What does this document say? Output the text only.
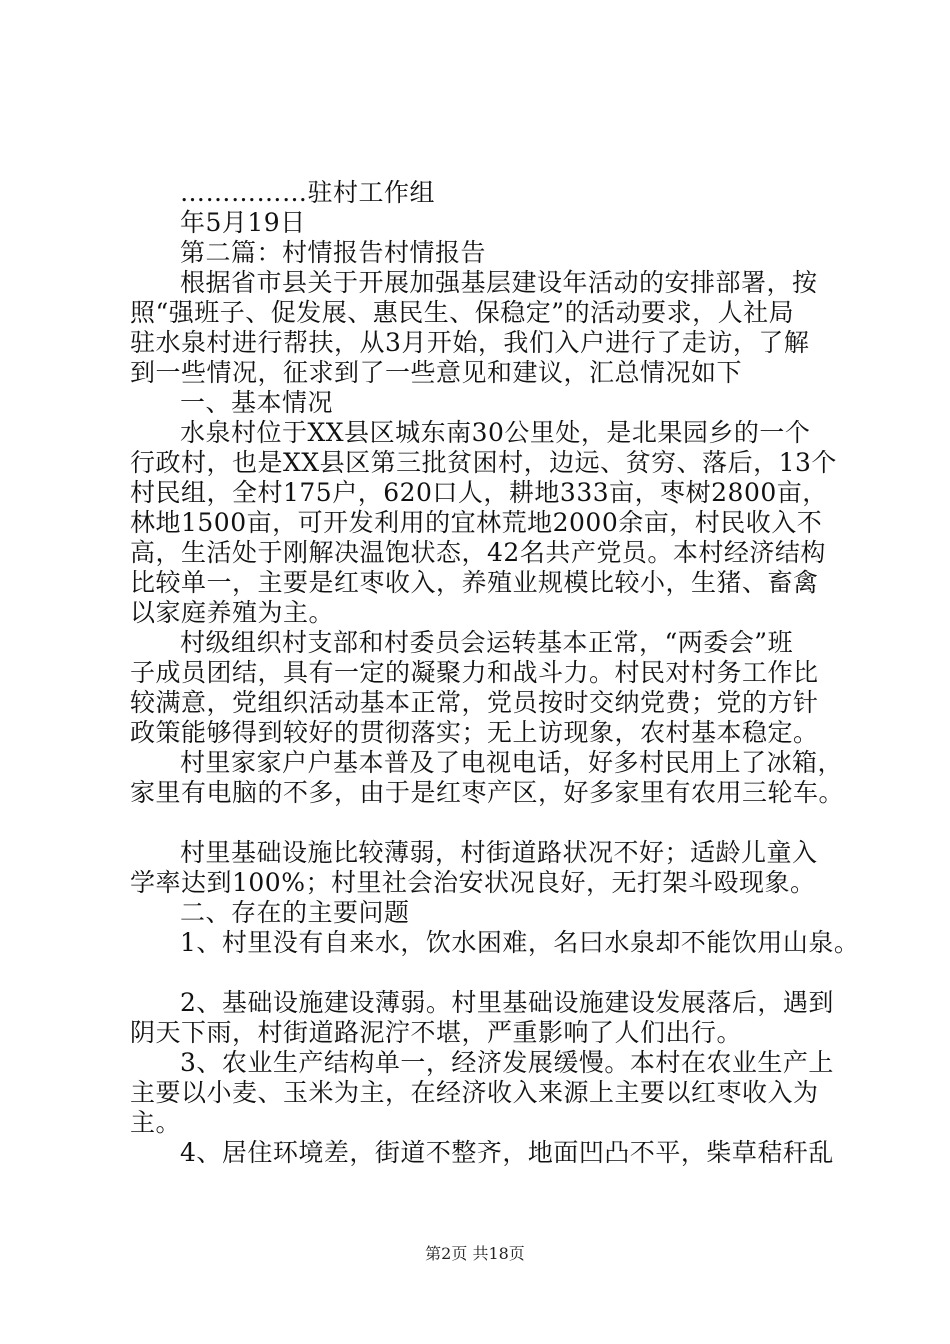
……………驻村工作组
年5月19日
第二篇：村情报告村情报告
根据省市县关于开展加强基层建设年活动的安排部署，按
照“强班子、促发展、惠民生、保稳定”的活动要求，人社局
驻水泉村进行帮扶，从3月开始，我们入户进行了走访，了解
到一些情况，征求到了一些意见和建议，汇总情况如下
一、基本情况
水泉村位于XX县区城东南30公里处，是北果园乡的一个
行政村，也是XX县区第三批贫困村，边远、贫穷、落后，13个
村民组，全村175户，620口人，耕地333亩，枣树2800亩，
林地1500亩，可开发利用的宜林荒地2000余亩，村民收入不
高，生活处于刚解决温饱状态，42名共产党员。本村经济结构
比较单一，主要是红枣收入，养殖业规模比较小，生猪、畜禽
以家庭养殖为主。
村级组织村支部和村委员会运转基本正常，“两委会”班
子成员团结，具有一定的凝聚力和战斗力。村民对村务工作比
较满意，党组织活动基本正常，党员按时交纳党费；党的方针
政策能够得到较好的贯彻落实；无上访现象，农村基本稳定。
村里家家户户基本普及了电视电话，好多村民用上了冰箱，
家里有电脑的不多，由于是红枣产区，好多家里有农用三轮车。
村里基础设施比较薄弱，村街道路状况不好；适龄儿童入
学率达到100%；村里社会治安状况良好，无打架斗殴现象。
二、存在的主要问题
1、村里没有自来水，饮水困难，名曰水泉却不能饮用山泉。
2、基础设施建设薄弱。村里基础设施建设发展落后，遇到
阴天下雨，村街道路泥泞不堪，严重影响了人们出行。
3、农业生产结构单一，经济发展缓慢。本村在农业生产上
主要以小麦、玉米为主，在经济收入来源上主要以红枣收入为
主。
4、居住环境差，街道不整齐，地面凹凸不平，柴草秸秆乱
第2页 共18页
